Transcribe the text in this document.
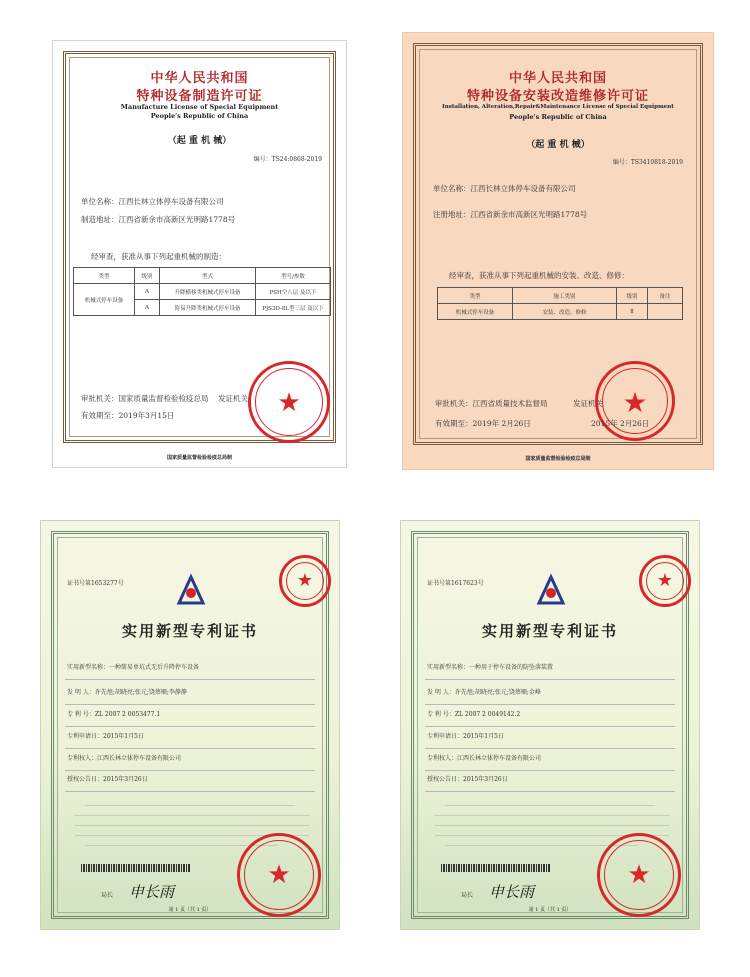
中华人民共和国
特种设备制造许可证
Manufacture License of Special Equipment
People's Republic of China
（起 重 机 械）
编号：TS24:0868-2019
单位名称：江西长林立体停车设备有限公司
制造地址：江西省新余市高新区光明路1778号
经审查，获准从事下列起重机械的制造：
类型	级别	型式	型号/参数
机械式停车设备	A	升降横移类机械式停车设备	PSH空八层 及以下
	A	简易升降类机械式停车设备	PJS3D-8L型三层 及以下
审批机关：国家质量监督检验检疫总局 发证机关
有效期至：2019年3月15日	★
国家质量监督检验检疫总局制
中华人民共和国
特种设备安装改造维修许可证
Installation, Alteration,Repair&Maintenance License of Special Equipment
People's Republic of China
（起 重 机 械）
编号：TS3410818-2019
单位名称：江西长林立体停车设备有限公司
注册地址：江西省新余市高新区光明路1778号
经审查，获准从事下列起重机械的安装、改造、修修：
类型	施工类别	级别	备注
机械式停车设备	安装、改造、修修	Ⅱ	
审批机关：江西省质量技术监督局	发证机关
有效期至：2019年 2月26日
★
2015年 2月26日
国家质量监督检验检疫总局制
证书号第1653277号	★
实用新型专利证书
实用新型名称：一种简易单坑式无后升降停车设备
发 明 人：许先旭;胡晓亮;张元;饶蔡顺;李静静
专 利 号：ZL 2007 2 0053477.1
专利申请日：2015年1月5日
专利权人：江西长林立体停车设备有限公司
授权公告日：2015年3月26日
局长 申长雨
★
第 1 页（共 1 页）
证书号第1617623号	★
实用新型专利证书
实用新型名称：一种用于停车设备的防坠落装置
发 明 人：许先旭;胡晓亮;张元;饶蔡顺;金峰
专 利 号：ZL 2007 2 0049142.2
专利申请日：2015年1月5日
专利权人：江西长林立体停车设备有限公司
授权公告日：2015年3月26日
局长 申长雨
★
第 1 页（共 1 页）
